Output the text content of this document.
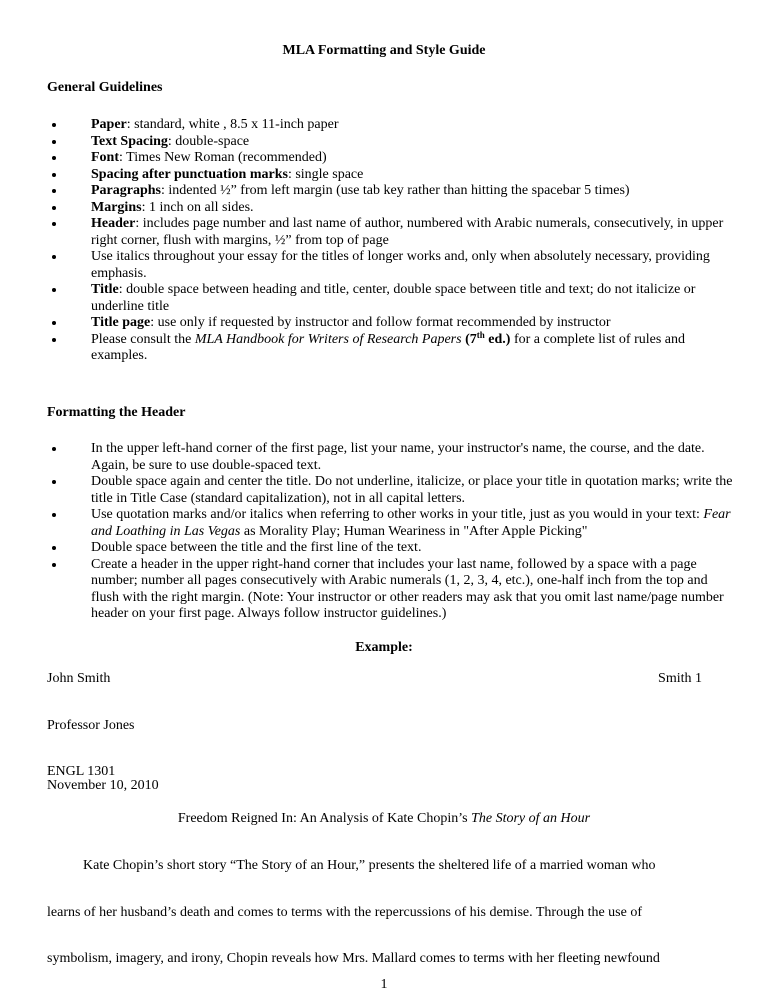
MLA Formatting and Style Guide
General Guidelines
Paper: standard, white , 8.5 x 11-inch paper
Text Spacing: double-space
Font: Times New Roman (recommended)
Spacing after punctuation marks: single space
Paragraphs: indented ½” from left margin (use tab key rather than hitting the spacebar 5 times)
Margins: 1 inch on all sides.
Header: includes page number and last name of author, numbered with Arabic numerals, consecutively, in upper right corner, flush with margins, ½” from top of page
Use italics throughout your essay for the titles of longer works and, only when absolutely necessary, providing emphasis.
Title: double space between heading and title, center, double space between title and text; do not italicize or underline title
Title page: use only if requested by instructor and follow format recommended by instructor
Please consult the MLA Handbook for Writers of Research Papers (7th ed.) for a complete list of rules and examples.
Formatting the Header
In the upper left-hand corner of the first page, list your name, your instructor's name, the course, and the date. Again, be sure to use double-spaced text.
Double space again and center the title. Do not underline, italicize, or place your title in quotation marks; write the title in Title Case (standard capitalization), not in all capital letters.
Use quotation marks and/or italics when referring to other works in your title, just as you would in your text: Fear and Loathing in Las Vegas as Morality Play; Human Weariness in "After Apple Picking"
Double space between the title and the first line of the text.
Create a header in the upper right-hand corner that includes your last name, followed by a space with a page number; number all pages consecutively with Arabic numerals (1, 2, 3, 4, etc.), one-half inch from the top and flush with the right margin. (Note: Your instructor or other readers may ask that you omit last name/page number header on your first page. Always follow instructor guidelines.)
Example:
John Smith	Smith 1
Professor Jones
ENGL 1301
November 10, 2010
Freedom Reigned In: An Analysis of Kate Chopin’s The Story of an Hour
Kate Chopin’s short story “The Story of an Hour,” presents the sheltered life of a married woman who
learns of her husband’s death and comes to terms with the repercussions of his demise. Through the use of
symbolism, imagery, and irony, Chopin reveals how Mrs. Mallard comes to terms with her fleeting newfound
1
